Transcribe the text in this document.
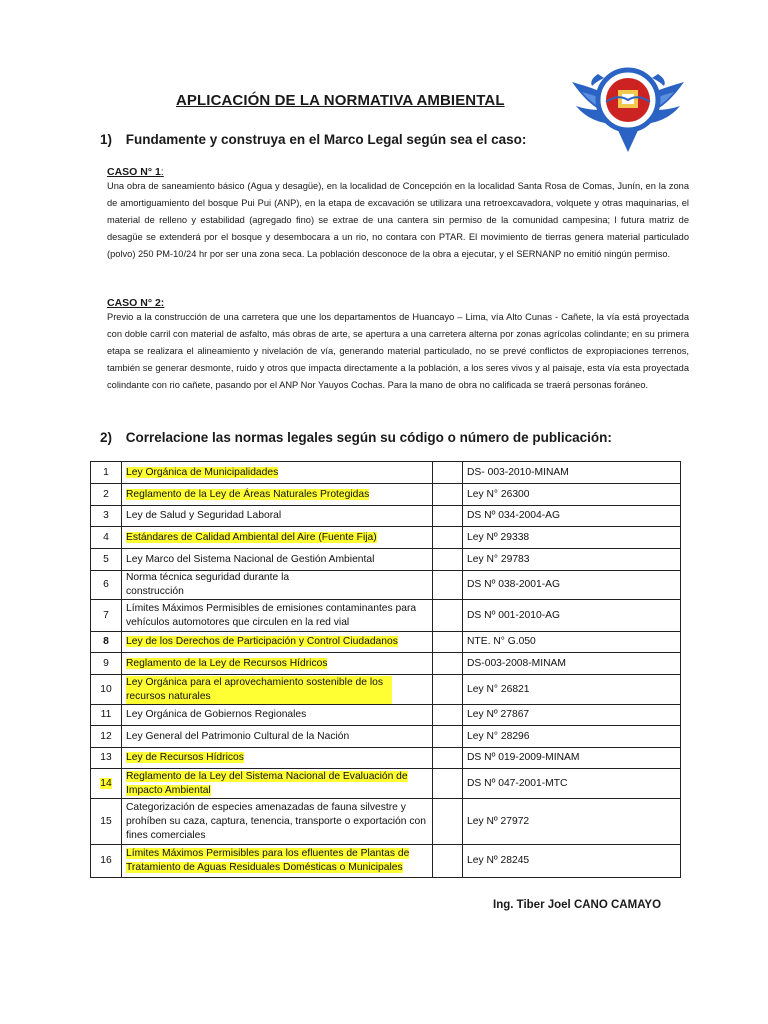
APLICACIÓN DE LA NORMATIVA AMBIENTAL
1) Fundamente y construya en el Marco Legal según sea el caso:
CASO N° 1:
Una obra de saneamiento básico (Agua y desagüe), en la localidad de Concepción en la localidad Santa Rosa de Comas, Junín, en la zona de amortiguamiento del bosque Pui Pui (ANP), en la etapa de excavación se utilizara una retroexcavadora, volquete y otras maquinarias, el material de relleno y estabilidad (agregado fino) se extrae de una cantera sin permiso de la comunidad campesina; l futura matriz de desagüe se extenderá por el bosque y desembocara a un rio, no contara con PTAR. El movimiento de tierras genera material particulado (polvo) 250 PM-10/24 hr por ser una zona seca. La población desconoce de la obra a ejecutar, y el SERNANP no emitió ningún permiso.
CASO N° 2:
Previo a la construcción de una carretera que une los departamentos de Huancayo – Lima, vía Alto Cunas - Cañete, la vía está proyectada con doble carril con material de asfalto, más obras de arte, se apertura a una carretera alterna por zonas agrícolas colindante; en su primera etapa se realizara el alineamiento y nivelación de vía, generando material particulado, no se prevé conflictos de expropiaciones terrenos, también se generar desmonte, ruido y otros que impacta directamente a la población, a los seres vivos y al paisaje, esta vía esta proyectada colindante con rio cañete, pasando por el ANP Nor Yauyos Cochas. Para la mano de obra no calificada se traerá personas foráneo.
2) Correlacione las normas legales según su código o número de publicación:
1	Ley Orgánica de Municipalidades		DS- 003-2010-MINAM
2	Reglamento de la Ley de Áreas Naturales Protegidas		Ley N° 26300
3	Ley de Salud y Seguridad Laboral		DS Nº 034-2004-AG
4	Estándares de Calidad Ambiental del Aire (Fuente Fija)		Ley Nº 29338
5	Ley Marco del Sistema Nacional de Gestión Ambiental		Ley N° 29783
6	Norma técnica seguridad durante la construcción		DS Nº 038-2001-AG
7	Límites Máximos Permisibles de emisiones contaminantes para vehículos automotores que circulen en la red vial		DS Nº 001-2010-AG
8	Ley de los Derechos de Participación y Control Ciudadanos		NTE. N° G.050
9	Reglamento de la Ley de Recursos Hídricos		DS-003-2008-MINAM
10	Ley Orgánica para el aprovechamiento sostenible de los recursos naturales		Ley N° 26821
11	Ley Orgánica de Gobiernos Regionales		Ley Nº 27867
12	Ley General del Patrimonio Cultural de la Nación		Ley N° 28296
13	Ley de Recursos Hídricos		DS Nº 019-2009-MINAM
14	Reglamento de la Ley del Sistema Nacional de Evaluación de Impacto Ambiental		DS Nº 047-2001-MTC
15	Categorización de especies amenazadas de fauna silvestre y prohíben su caza, captura, tenencia, transporte o exportación con fines comerciales		Ley Nº 27972
16	Límites Máximos Permisibles para los efluentes de Plantas de Tratamiento de Aguas Residuales Domésticas o Municipales		Ley Nº 28245
Ing. Tiber Joel CANO CAMAYO
